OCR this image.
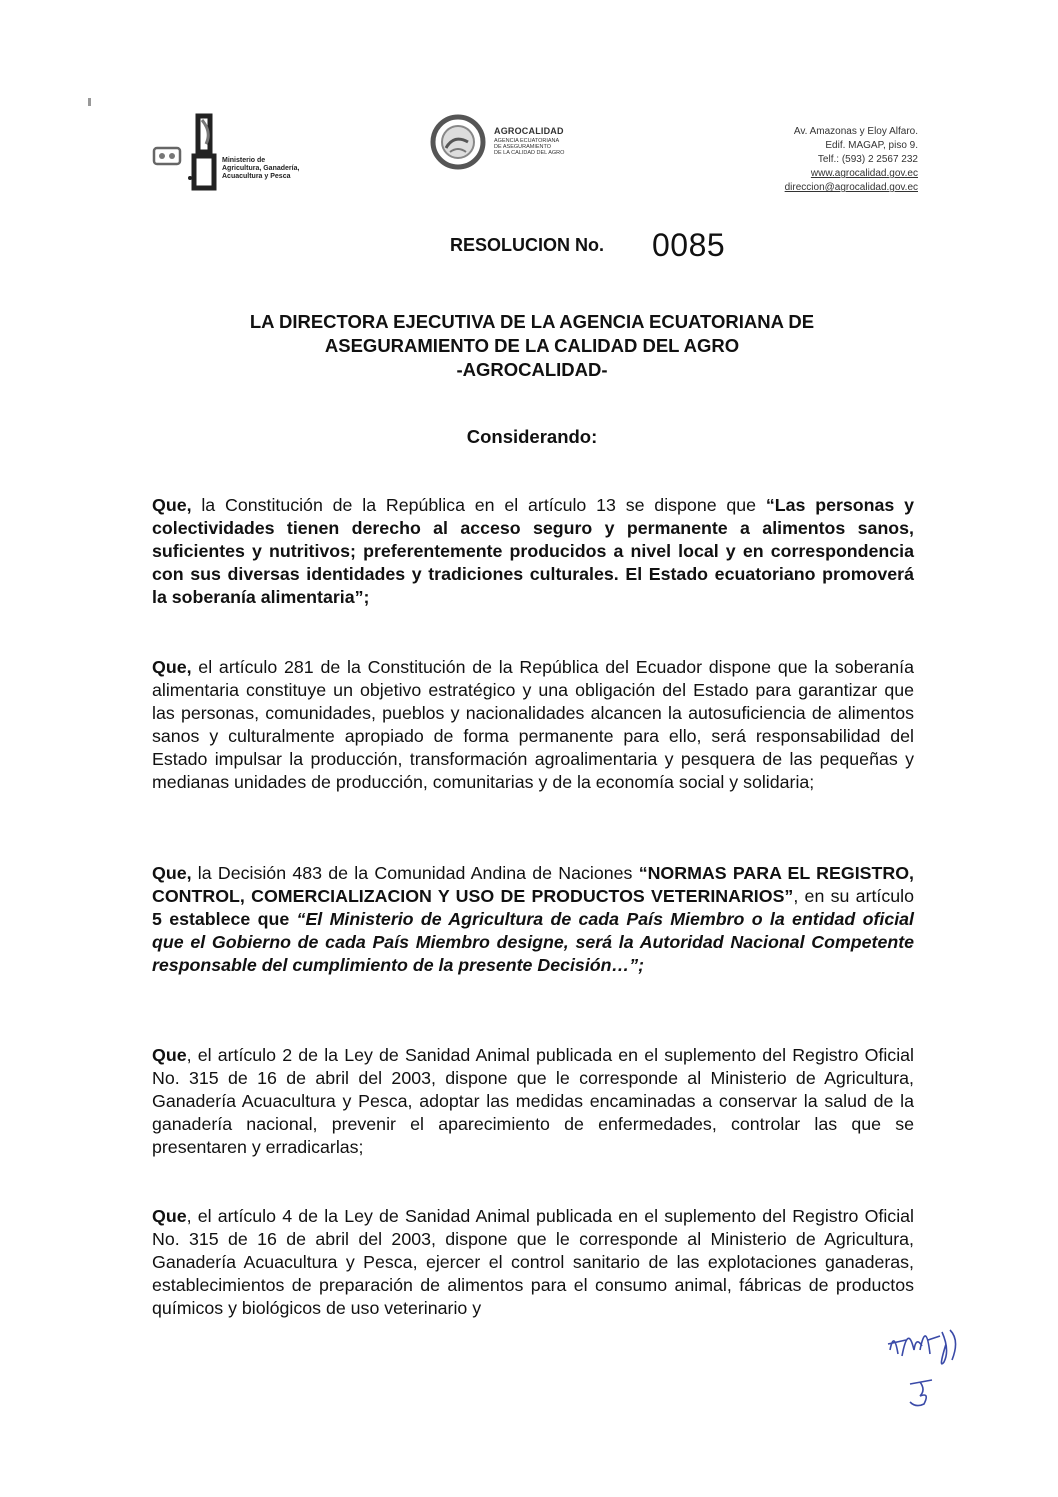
Ministerio de
Agricultura, Ganadería,
Acuacultura y Pesca
AGROCALIDAD
AGENCIA ECUATORIANA
DE ASEGURAMIENTO
DE LA CALIDAD DEL AGRO
Av. Amazonas y Eloy Alfaro.
Edif. MAGAP, piso 9.
Telf.: (593) 2 2567 232
www.agrocalidad.gov.ec
direccion@agrocalidad.gov.ec
RESOLUCION No. 0085
LA DIRECTORA EJECUTIVA DE LA AGENCIA ECUATORIANA DE
ASEGURAMIENTO DE LA CALIDAD DEL AGRO
-AGROCALIDAD-
Considerando:
Que, la Constitución de la República en el artículo 13 se dispone que “Las personas y colectividades tienen derecho al acceso seguro y permanente a alimentos sanos, suficientes y nutritivos; preferentemente producidos a nivel local y en correspondencia con sus diversas identidades y tradiciones culturales. El Estado ecuatoriano promoverá la soberanía alimentaria”;
Que, el artículo 281 de la Constitución de la República del Ecuador dispone que la soberanía alimentaria constituye un objetivo estratégico y una obligación del Estado para garantizar que las personas, comunidades, pueblos y nacionalidades alcancen la autosuficiencia de alimentos sanos y culturalmente apropiado de forma permanente para ello, será responsabilidad del Estado impulsar la producción, transformación agroalimentaria y pesquera de las pequeñas y medianas unidades de producción, comunitarias y de la economía social y solidaria;
Que, la Decisión 483 de la Comunidad Andina de Naciones “NORMAS PARA EL REGISTRO, CONTROL, COMERCIALIZACION Y USO DE PRODUCTOS VETERINARIOS”, en su artículo 5 establece que “El Ministerio de Agricultura de cada País Miembro o la entidad oficial que el Gobierno de cada País Miembro designe, será la Autoridad Nacional Competente responsable del cumplimiento de la presente Decisión…”;
Que, el artículo 2 de la Ley de Sanidad Animal publicada en el suplemento del Registro Oficial No. 315 de 16 de abril del 2003, dispone que le corresponde al Ministerio de Agricultura, Ganadería Acuacultura y Pesca, adoptar las medidas encaminadas a conservar la salud de la ganadería nacional, prevenir el aparecimiento de enfermedades, controlar las que se presentaren y erradicarlas;
Que, el artículo 4 de la Ley de Sanidad Animal publicada en el suplemento del Registro Oficial No. 315 de 16 de abril del 2003, dispone que le corresponde al Ministerio de Agricultura, Ganadería Acuacultura y Pesca, ejercer el control sanitario de las explotaciones ganaderas, establecimientos de preparación de alimentos para el consumo animal, fábricas de productos químicos y biológicos de uso veterinario y
